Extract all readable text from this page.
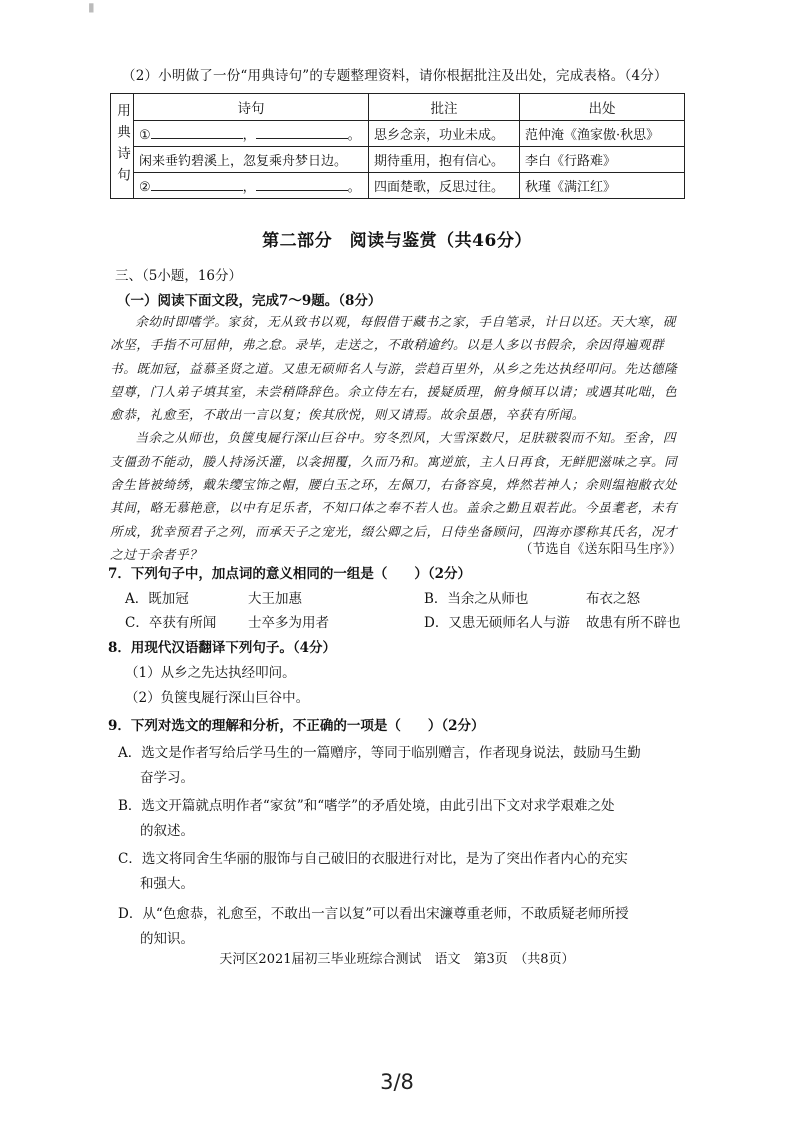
▮
（2）小明做了一份“用典诗句”的专题整理资料，请你根据批注及出处，完成表格。（4分）
用典诗句	诗句	批注	出处
	① ， 。	思乡念亲，功业未成。	范仲淹《渔家傲·秋思》
	闲来垂钓碧溪上，忽复乘舟梦日边。	期待重用，抱有信心。	李白《行路难》
	② ， 。	四面楚歌，反思过往。	秋瑾《满江红》
第二部分　阅读与鉴赏（共46分）
三、（5小题，16分）
（一）阅读下面文段，完成7～9题。（8分）

余幼时即嗜学。家贫，无从致书以观，每假借于藏书之家，手自笔录，计日以还。天大寒，砚冰坚，手指不可屈伸，弗之怠。录毕，走送之，不敢稍逾约。以是人多以书假余，余因得遍观群书。既加冠，益慕圣贤之道。又患无硕师名人与游，尝趋百里外，从乡之先达执经叩问。先达德隆望尊，门人弟子填其室，未尝稍降辞色。余立侍左右，援疑质理，俯身倾耳以请；或遇其叱咄，色愈恭，礼愈至，不敢出一言以复；俟其欣悦，则又请焉。故余虽愚，卒获有所闻。

当余之从师也，负箧曳屣行深山巨谷中。穷冬烈风，大雪深数尺，足肤皲裂而不知。至舍，四支僵劲不能动，媵人持汤沃灌，以衾拥覆，久而乃和。寓逆旅，主人日再食，无鲜肥滋味之享。同舍生皆被绮绣，戴朱缨宝饰之帽，腰白玉之环，左佩刀，右备容臭，烨然若神人；余则缊袍敝衣处其间，略无慕艳意，以中有足乐者，不知口体之奉不若人也。盖余之勤且艰若此。今虽耄老，未有所成，犹幸预君子之列，而承天子之宠光，缀公卿之后，日侍坐备顾问，四海亦谬称其氏名，况才之过于余者乎？	（节选自《送东阳马生序》）
7．下列句子中，加点词的意义相同的一组是（　　）（2分）
A．既加冠	大王加惠	B．当余之从师也	布衣之怒
C．卒获有所闻 士卒多为用者	D．又患无硕师名人与游 故患有所不辟也
8．用现代汉语翻译下列句子。（4分）
（1）从乡之先达执经叩问。
（2）负箧曳屣行深山巨谷中。
9．下列对选文的理解和分析，不正确的一项是（　　）（2分）
A．选文是作者写给后学马生的一篇赠序，等同于临别赠言，作者现身说法，鼓励马生勤
奋学习。
B．选文开篇就点明作者“家贫”和“嗜学”的矛盾处境，由此引出下文对求学艰难之处
的叙述。
C．选文将同舍生华丽的服饰与自己破旧的衣服进行对比，是为了突出作者内心的充实
和强大。
D．从“色愈恭，礼愈至，不敢出一言以复”可以看出宋濂尊重老师，不敢质疑老师所授
的知识。
天河区2021届初三毕业班综合测试　语文　第3页　（共8页）
3/8
